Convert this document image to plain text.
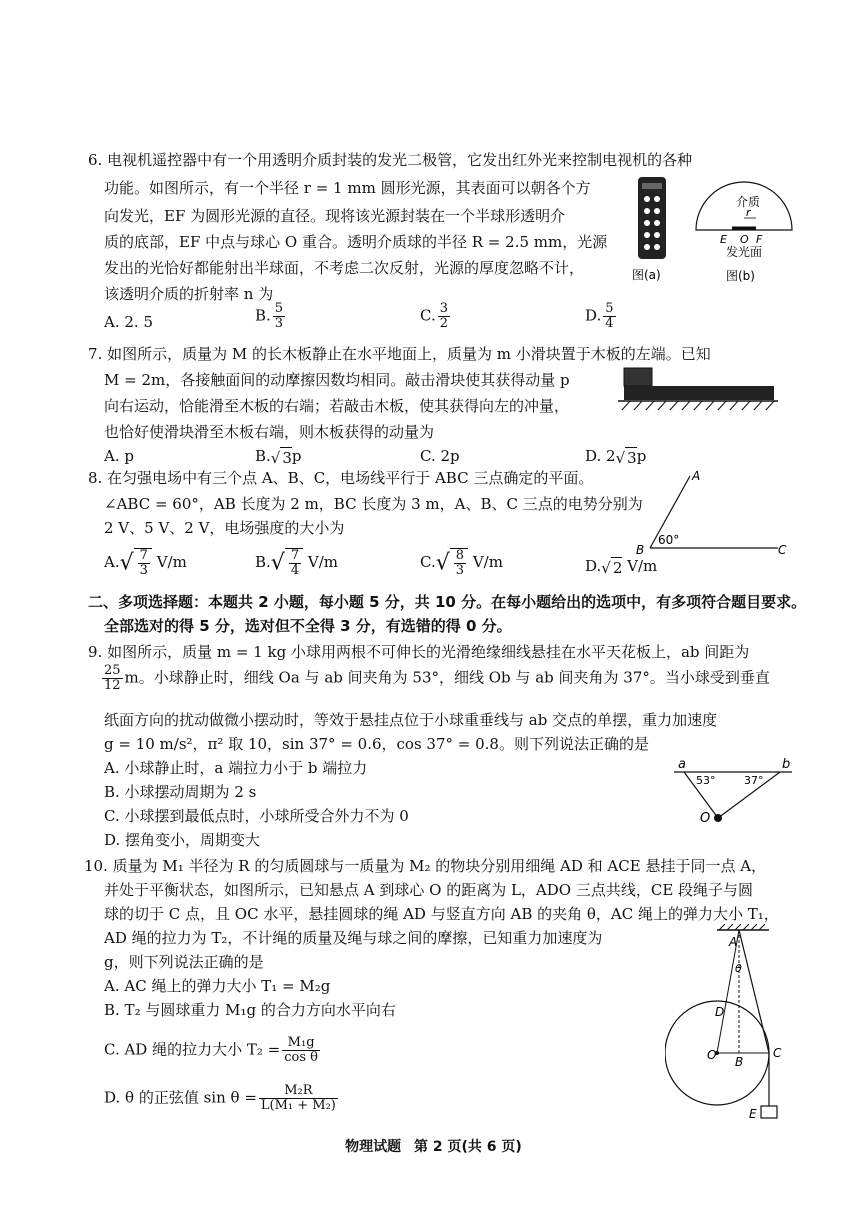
6. 电视机遥控器中有一个用透明介质封装的发光二极管，它发出红外光来控制电视机的各种
功能。如图所示，有一个半径 r = 1 mm 圆形光源，其表面可以朝各个方
向发光，EF 为圆形光源的直径。现将该光源封装在一个半球形透明介
质的底部，EF 中点与球心 O 重合。透明介质球的半径 R = 2.5 mm，光源
发出的光恰好都能射出半球面，不考虑二次反射，光源的厚度忽略不计，
该透明介质的折射率 n 为
A. 2. 5	B. $\frac{5}{3}$	C. $\frac{3}{2}$	D. $\frac{5}{4}$
图(a)
r
介质
E O F
发光面
图(b)
7. 如图所示，质量为 M 的长木板静止在水平地面上，质量为 m 小滑块置于木板的左端。已知
M = 2m，各接触面间的动摩擦因数均相同。敲击滑块使其获得动量 p
向右运动，恰能滑至木板的右端；若敲击木板，使其获得向左的冲量，
也恰好使滑块滑至木板右端，则木板获得的动量为
A. p	B.√ 3p	C. 2p	D. 2√ 3p
8. 在匀强电场中有三个点 A、B、C，电场线平行于 ABC 三点确定的平面。
∠ABC = 60°，AB 长度为 2 m，BC 长度为 3 m，A、B、C 三点的电势分别为
2 V、5 V、2 V，电场强度的大小为
$A.√ \frac{7}{3} V/m$	$B.√ \frac{7}{4} V/m$	$C.√ \frac{8}{3} V/m$	D.√ 2 V/m
A
B	C
60°
二、多项选择题：本题共 2 小题，每小题 5 分，共 10 分。在每小题给出的选项中，有多项符合题目要求。
全部选对的得 5 分，选对但不全得 3 分，有选错的得 0 分。
9. 如图所示，质量 m = 1 kg 小球用两根不可伸长的光滑绝缘细线悬挂在水平天花板上，ab 间距为
$\frac{25}{12}$ m。小球静止时，细线 Oa 与 ab 间夹角为 53°，细线 Ob 与 ab 间夹角为 37°。当小球受到垂直
纸面方向的扰动做微小摆动时，等效于悬挂点位于小球重垂线与 ab 交点的单摆，重力加速度
g = 10 m/s²，π² 取 10，sin 37° = 0.6，cos 37° = 0.8。则下列说法正确的是
A. 小球静止时，a 端拉力小于 b 端拉力
B. 小球摆动周期为 2 s
C. 小球摆到最低点时，小球所受合外力不为 0
D. 摆角变小，周期变大
a	b
O
53°	37°
10. 质量为 M₁ 半径为 R 的匀质圆球与一质量为 M₂ 的物块分别用细绳 AD 和 ACE 悬挂于同一点 A，
并处于平衡状态，如图所示，已知悬点 A 到球心 O 的距离为 L，ADO 三点共线，CE 段绳子与圆
球的切于 C 点，且 OC 水平，悬挂圆球的绳 AD 与竖直方向 AB 的夹角 θ，AC 绳上的弹力大小 T₁，
AD 绳的拉力为 T₂，不计绳的质量及绳与球之间的摩擦，已知重力加速度为
g，则下列说法正确的是
A. AC 绳上的弹力大小 T₁ = M₂g
B. T₂ 与圆球重力 M₁g 的合力方向水平向右
C. AD 绳的拉力大小 $T_2 = \frac{\text{M₁g}}{\text{cos θ}}$
D. θ 的正弦值 $\sin \theta = \frac{\text{M₂R}}{\text{L(M₁ + M₂)}}$
A
θ
D
O B
C
E
物理试题 第 2 页(共 6 页)
